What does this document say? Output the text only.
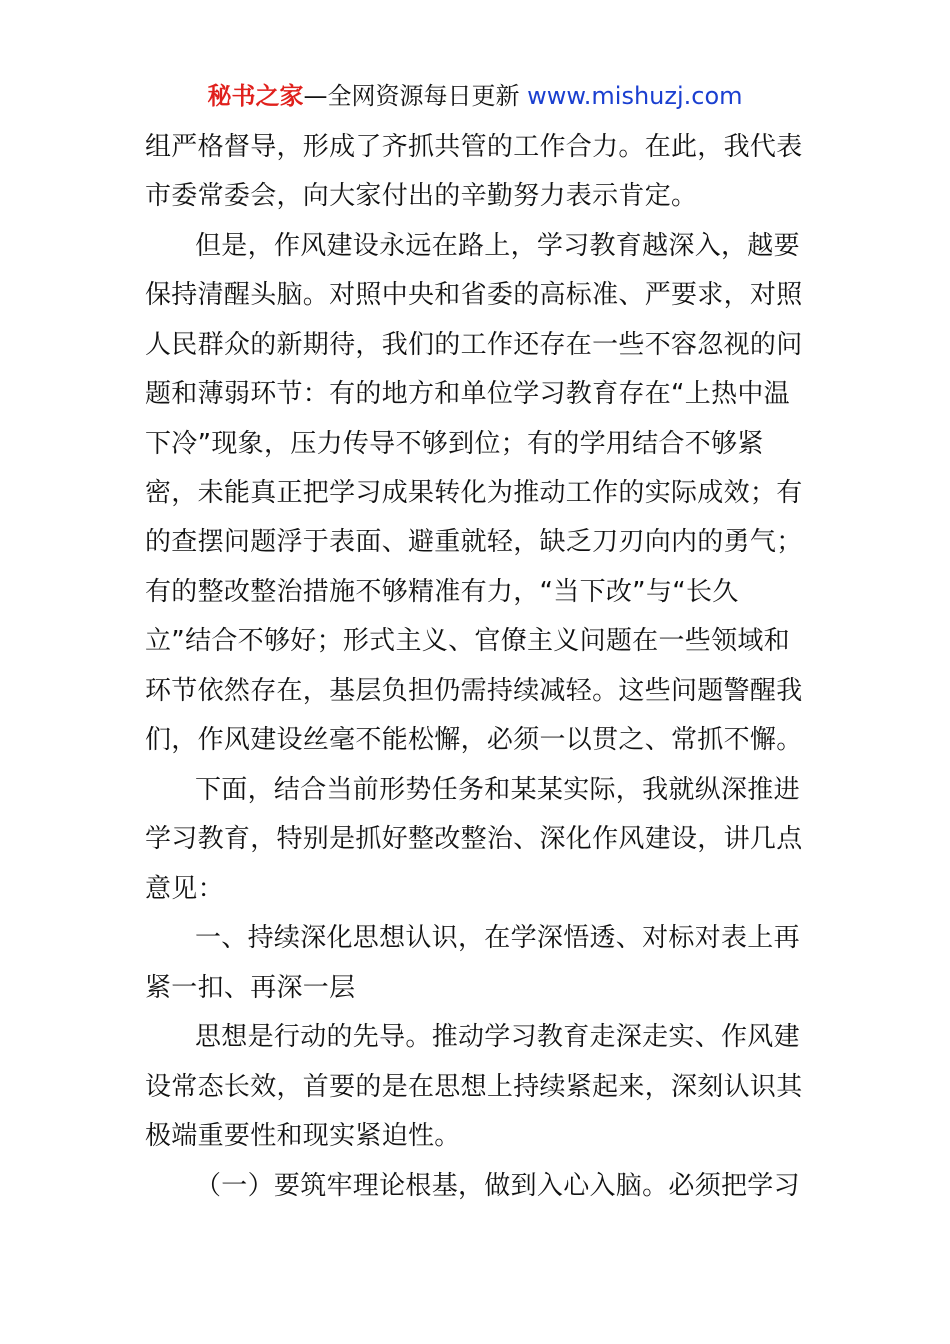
秘书之家—全网资源每日更新 www.mishuzj.com
组严格督导，形成了齐抓共管的工作合力。在此，我代表
市委常委会，向大家付出的辛勤努力表示肯定。
但是，作风建设永远在路上，学习教育越深入，越要
保持清醒头脑。对照中央和省委的高标准、严要求，对照
人民群众的新期待，我们的工作还存在一些不容忽视的问
题和薄弱环节：有的地方和单位学习教育存在“上热中温
下冷”现象，压力传导不够到位；有的学用结合不够紧
密，未能真正把学习成果转化为推动工作的实际成效；有
的查摆问题浮于表面、避重就轻，缺乏刀刃向内的勇气；
有的整改整治措施不够精准有力，“当下改”与“长久
立”结合不够好；形式主义、官僚主义问题在一些领域和
环节依然存在，基层负担仍需持续减轻。这些问题警醒我
们，作风建设丝毫不能松懈，必须一以贯之、常抓不懈。
下面，结合当前形势任务和某某实际，我就纵深推进
学习教育，特别是抓好整改整治、深化作风建设，讲几点
意见：
一、持续深化思想认识，在学深悟透、对标对表上再
紧一扣、再深一层
思想是行动的先导。推动学习教育走深走实、作风建
设常态长效，首要的是在思想上持续紧起来，深刻认识其
极端重要性和现实紧迫性。
（一）要筑牢理论根基，做到入心入脑。必须把学习
